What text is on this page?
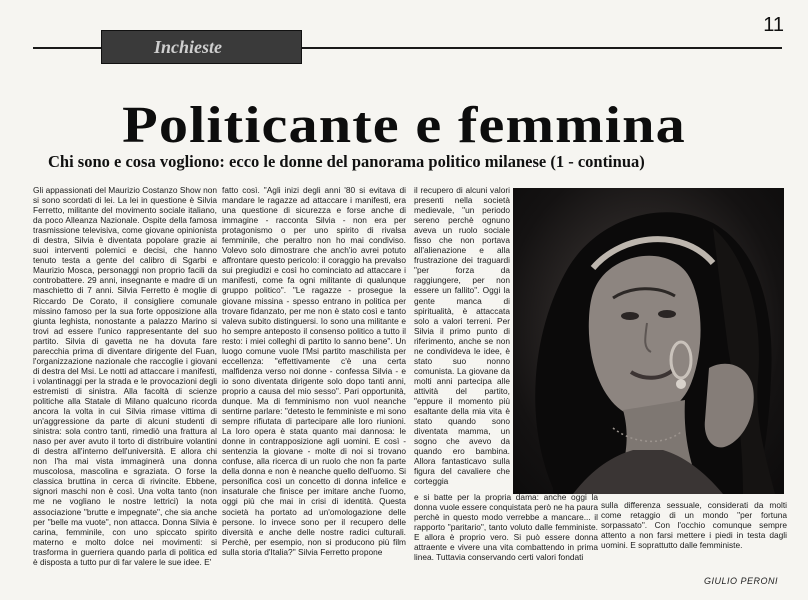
11
Inchieste
Politicante e femmina
Chi sono e cosa vogliono: ecco le donne del panorama politico milanese (1 - continua)

Gli appassionati del Maurizio Costanzo Show non si sono scordati di lei. La lei in questione è Silvia Ferretto, militante del movimento sociale italiano, da poco Alleanza Nazionale. Ospite della famosa trasmissione televisiva, come giovane opinionista di destra, Silvia è diventata popolare grazie ai suoi interventi polemici e decisi, che hanno tenuto testa a gente del calibro di Sgarbi e Maurizio Mosca, personaggi non proprio facili da controbattere. 29 anni, insegnante e madre di un maschietto di 7 anni. Silvia Ferretto è moglie di Riccardo De Corato, il consigliere comunale missino famoso per la sua forte opposizione alla giunta leghista, nonostante a palazzo Marino si trovi ad essere l'unico rappresentante del suo partito. Silvia di gavetta ne ha dovuta fare parecchia prima di diventare dirigente del Fuan, l'organizzazione nazionale che raccoglie i giovani di destra del Msi. Le notti ad attaccare i manifesti, i volantinaggi per la strada e le provocazioni degli estremisti di sinistra. Alla facoltà di scienze politiche alla Statale di Milano qualcuno ricorda ancora la volta in cui Silvia rimase vittima di un'aggressione da parte di alcuni studenti di sinistra: sola contro tanti, rimediò una frattura al naso per aver avuto il torto di distribuire volantini di destra all'interno dell'università. E allora chi non l'ha mai vista immaginerà una donna muscolosa, mascolina e sgraziata. O forse la classica bruttina in cerca di rivincite. Ebbene, signori maschi non è così. Una volta tanto (non me ne vogliano le nostre lettrici) la nota associazione "brutte e impegnate", che sia anche per "belle ma vuote", non attacca. Donna Silvia è carina, femminile, con uno spiccato spirito materno e molto dolce nei movimenti: si trasforma in guerriera quando parla di politica ed è disposta a tutto pur di far valere le sue idee. E'

fatto così. "Agli inizi degli anni '80 si evitava di mandare le ragazze ad attaccare i manifesti, era una questione di sicurezza e forse anche di immagine - racconta Silvia - non era per protagonismo o per uno spirito di rivalsa femminile, che peraltro non ho mai condiviso. Volevo solo dimostrare che anch'io avrei potuto affrontare questo pericolo: il coraggio ha prevalso sui pregiudizi e così ho cominciato ad attaccare i manifesti, come fa ogni militante di qualunque gruppo politico". "Le ragazze - prosegue la giovane missina - spesso entrano in politica per trovare fidanzato, per me non è stato così e tanto valeva subito distinguersi. Io sono una militante e ho sempre anteposto il consenso politico a tutto il resto: i miei colleghi di partito lo sanno bene". Un luogo comune vuole l'Msi partito maschilista per eccellenza: "effettivamente c'è una certa malfidenza verso noi donne - confessa Silvia - e io sono diventata dirigente solo dopo tanti anni, proprio a causa del mio sesso". Pari opportunità, dunque. Ma di femminismo non vuol neanche sentirne parlare: "detesto le femministe e mi sono sempre rifiutata di partecipare alle loro riunioni. La loro opera è stata quanto mai dannosa: le donne in contrapposizione agli uomini. E così - sentenzia la giovane - molte di noi si trovano confuse, alla ricerca di un ruolo che non fa parte della donna e non è neanche quello dell'uomo. Si personifica così un concetto di donna infelice e insaturale che finisce per imitare anche l'uomo, oggi più che mai in crisi di identità. Questa società ha portato ad un'omologazione delle persone. Io invece sono per il recupero delle diversità e anche delle nostre radici culturali. Perchè, per esempio, non si producono più film sulla storia d'Italia?" Silvia Ferretto propone

il recupero di alcuni valori presenti nella società medievale, "un periodo sereno perchè ognuno aveva un ruolo sociale fisso che non portava all'alienazione e alla frustrazione dei traguardi "per forza da raggiungere, per non essere un fallito". Oggi la gente manca di spiritualità, è attaccata solo a valori terreni. Per Silvia il primo punto di riferimento, anche se non ne condivideva le idee, è stato suo nonno comunista. La giovane da molti anni partecipa alle attività del partito, "eppure il momento più esaltante della mia vita è stato quando sono diventata mamma, un sogno che avevo da quando ero bambina. Allora fantasticavo sulla figura del cavaliere che corteggia

e si batte per la propria dama: anche oggi la donna vuole essere conquistata però ne ha paura perchè in questo modo verrebbe a mancare... il rapporto "paritario", tanto voluto dalle femministe. E allora è proprio vero. Si può essere donna attraente e vivere una vita combattendo in prima linea. Tuttavia conservando certi valori fondati

sulla differenza sessuale, considerati da molti come retaggio di un mondo "per fortuna sorpassato". Con l'occhio comunque sempre attento a non farsi mettere i piedi in testa dagli uomini. E soprattutto dalle femministe.

GIULIO PERONI
